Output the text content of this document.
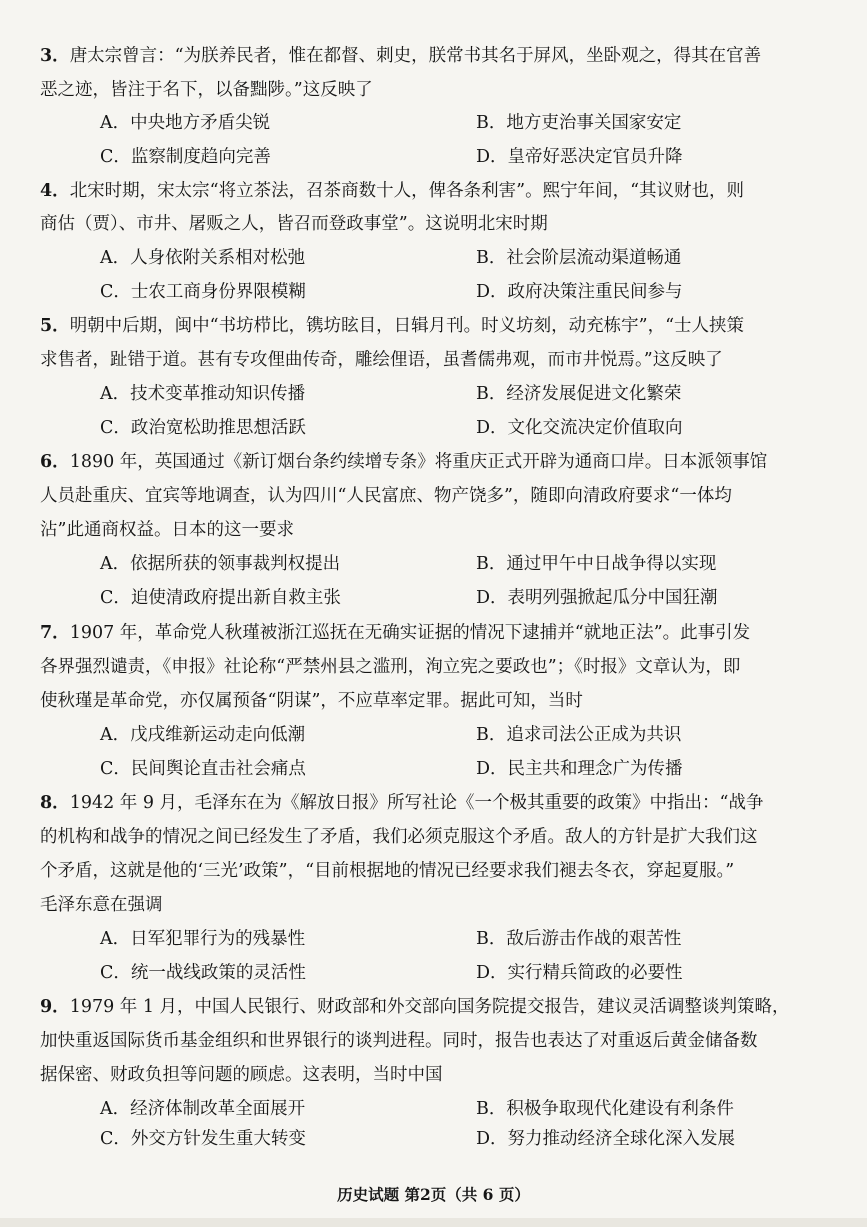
3．唐太宗曾言：“为朕养民者，惟在都督、刺史，朕常书其名于屏风，坐卧观之，得其在官善
恶之迹，皆注于名下，以备黜陟。”这反映了
A．中央地方矛盾尖锐	B．地方吏治事关国家安定
C．监察制度趋向完善	D．皇帝好恶决定官员升降
4．北宋时期，宋太宗“将立茶法，召茶商数十人，俾各条利害”。熙宁年间，“其议财也，则
商估（贾）、市井、屠贩之人，皆召而登政事堂”。这说明北宋时期
A．人身依附关系相对松弛	B．社会阶层流动渠道畅通
C．士农工商身份界限模糊	D．政府决策注重民间参与
5．明朝中后期，闽中“书坊栉比，镌坊眩目，日辑月刊。时义坊刻，动充栋宇”，“士人挟策
求售者，趾错于道。甚有专攻俚曲传奇，雕绘俚语，虽耆儒弗观，而市井悦焉。”这反映了
A．技术变革推动知识传播	B．经济发展促进文化繁荣
C．政治宽松助推思想活跃	D．文化交流决定价值取向
6．1890 年，英国通过《新订烟台条约续增专条》将重庆正式开辟为通商口岸。日本派领事馆
人员赴重庆、宜宾等地调查，认为四川“人民富庶、物产饶多”，随即向清政府要求“一体均
沾”此通商权益。日本的这一要求
A．依据所获的领事裁判权提出	B．通过甲午中日战争得以实现
C．迫使清政府提出新自救主张	D．表明列强掀起瓜分中国狂潮
7．1907 年，革命党人秋瑾被浙江巡抚在无确实证据的情况下逮捕并“就地正法”。此事引发
各界强烈谴责，《申报》社论称“严禁州县之滥刑，洵立宪之要政也”；《时报》文章认为，即
使秋瑾是革命党，亦仅属预备“阴谋”，不应草率定罪。据此可知，当时
A．戊戌维新运动走向低潮	B．追求司法公正成为共识
C．民间舆论直击社会痛点	D．民主共和理念广为传播
8．1942 年 9 月，毛泽东在为《解放日报》所写社论《一个极其重要的政策》中指出：“战争
的机构和战争的情况之间已经发生了矛盾，我们必须克服这个矛盾。敌人的方针是扩大我们这
个矛盾，这就是他的‘三光’政策”，“目前根据地的情况已经要求我们褪去冬衣，穿起夏服。”
毛泽东意在强调
A．日军犯罪行为的残暴性	B．敌后游击作战的艰苦性
C．统一战线政策的灵活性	D．实行精兵简政的必要性
9．1979 年 1 月，中国人民银行、财政部和外交部向国务院提交报告，建议灵活调整谈判策略，
加快重返国际货币基金组织和世界银行的谈判进程。同时，报告也表达了对重返后黄金储备数
据保密、财政负担等问题的顾虑。这表明，当时中国
A．经济体制改革全面展开	B．积极争取现代化建设有利条件
C．外交方针发生重大转变	D．努力推动经济全球化深入发展
历史试题 第2页（共 6 页）
